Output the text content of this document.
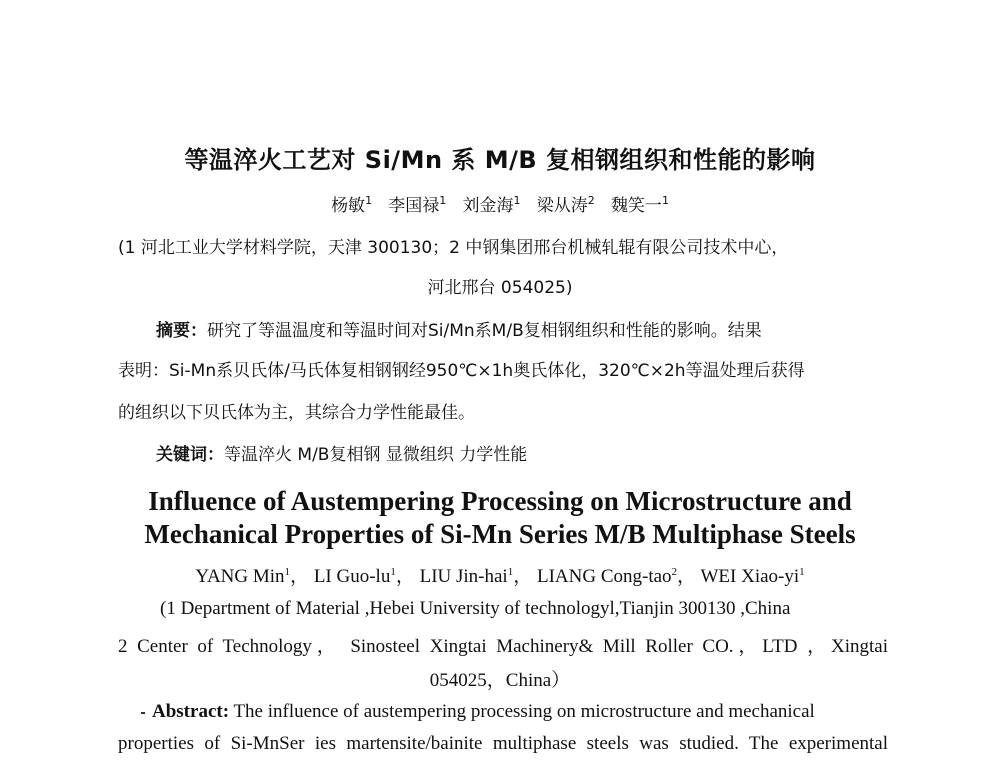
等温淬火工艺对 Si/Mn 系 M/B 复相钢组织和性能的影响
杨敏$^1$ 李国禄$^1$ 刘金海$^1$ 梁从涛$^2$ 魏笑一$^1$
(1 河北工业大学材料学院，天津 300130；2 中钢集团邢台机械轧辊有限公司技术中心，
河北邢台 054025)
摘要：研究了等温温度和等温时间对Si/Mn系M/B复相钢组织和性能的影响。结果
表明：Si-Mn系贝氏体/马氏体复相钢钢经950℃×1h奥氏体化，320℃×2h等温处理后获得
的组织以下贝氏体为主，其综合力学性能最佳。
关键词：等温淬火 M/B复相钢 显微组织 力学性能
Influence of Austempering Processing on Microstructure and
Mechanical Properties of Si-Mn Series M/B Multiphase Steels
YANG Min$^1$， LI Guo-$lu^1$， LIU Jin-hai$^1$， LIANG Cong-tao$^2$， WEI Xiao-$yi^1$
(1 Department of Material ,Hebei University of technologyl,Tianjin 300130 ,China
2 Center of Technology， Sinosteel Xingtai Machinery& Mill Roller CO.，LTD ，Xingtai
054025，China）
Abstract: The influence of austempering processing on microstructure and mechanical
properties of Si-MnSer ies martensite/bainite multiphase steels was studied. The experimental
